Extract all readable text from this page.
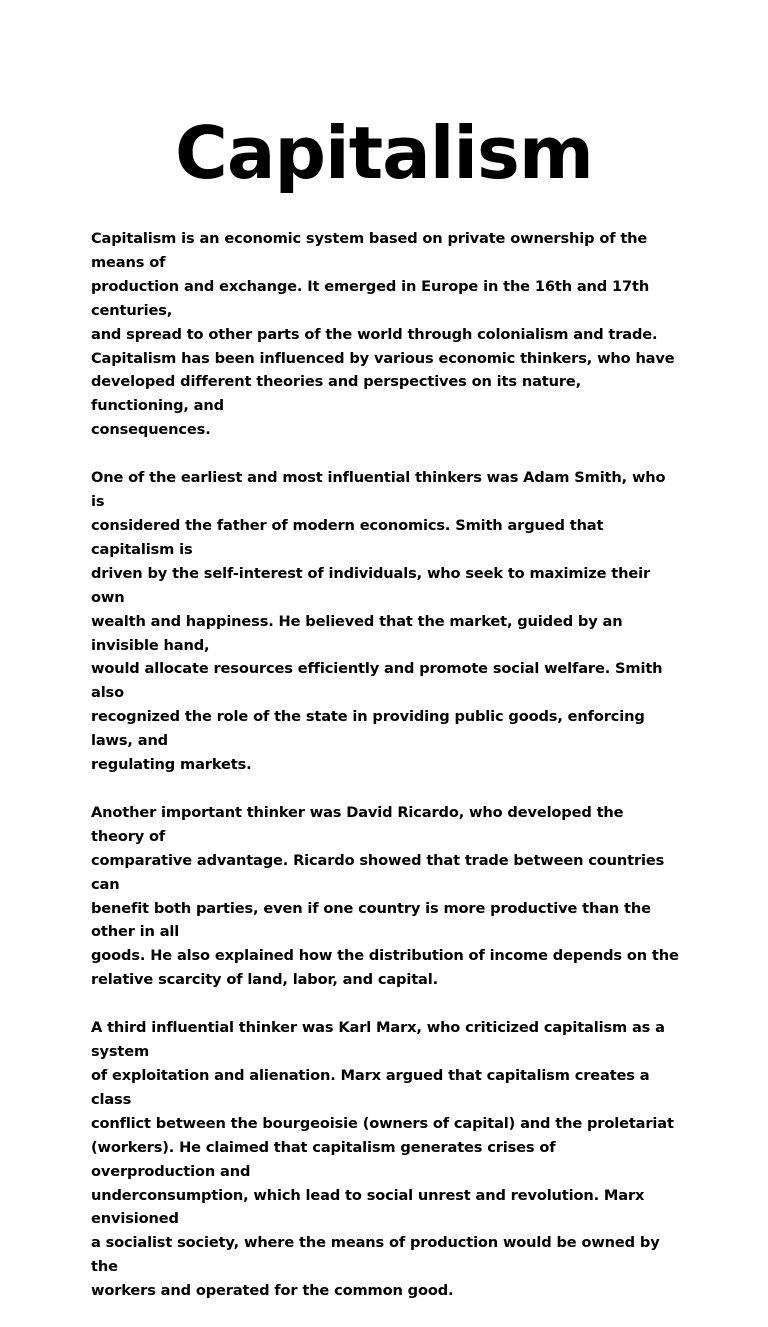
Capitalism

Capitalism is an economic system based on private ownership of the means of
production and exchange. It emerged in Europe in the 16th and 17th centuries,
and spread to other parts of the world through colonialism and trade.
Capitalism has been influenced by various economic thinkers, who have
developed different theories and perspectives on its nature, functioning, and
consequences.

One of the earliest and most influential thinkers was Adam Smith, who is
considered the father of modern economics. Smith argued that capitalism is
driven by the self-interest of individuals, who seek to maximize their own
wealth and happiness. He believed that the market, guided by an invisible hand,
would allocate resources efficiently and promote social welfare. Smith also
recognized the role of the state in providing public goods, enforcing laws, and
regulating markets.

Another important thinker was David Ricardo, who developed the theory of
comparative advantage. Ricardo showed that trade between countries can
benefit both parties, even if one country is more productive than the other in all
goods. He also explained how the distribution of income depends on the
relative scarcity of land, labor, and capital.

A third influential thinker was Karl Marx, who criticized capitalism as a system
of exploitation and alienation. Marx argued that capitalism creates a class
conflict between the bourgeoisie (owners of capital) and the proletariat
(workers). He claimed that capitalism generates crises of overproduction and
underconsumption, which lead to social unrest and revolution. Marx envisioned
a socialist society, where the means of production would be owned by the
workers and operated for the common good.
